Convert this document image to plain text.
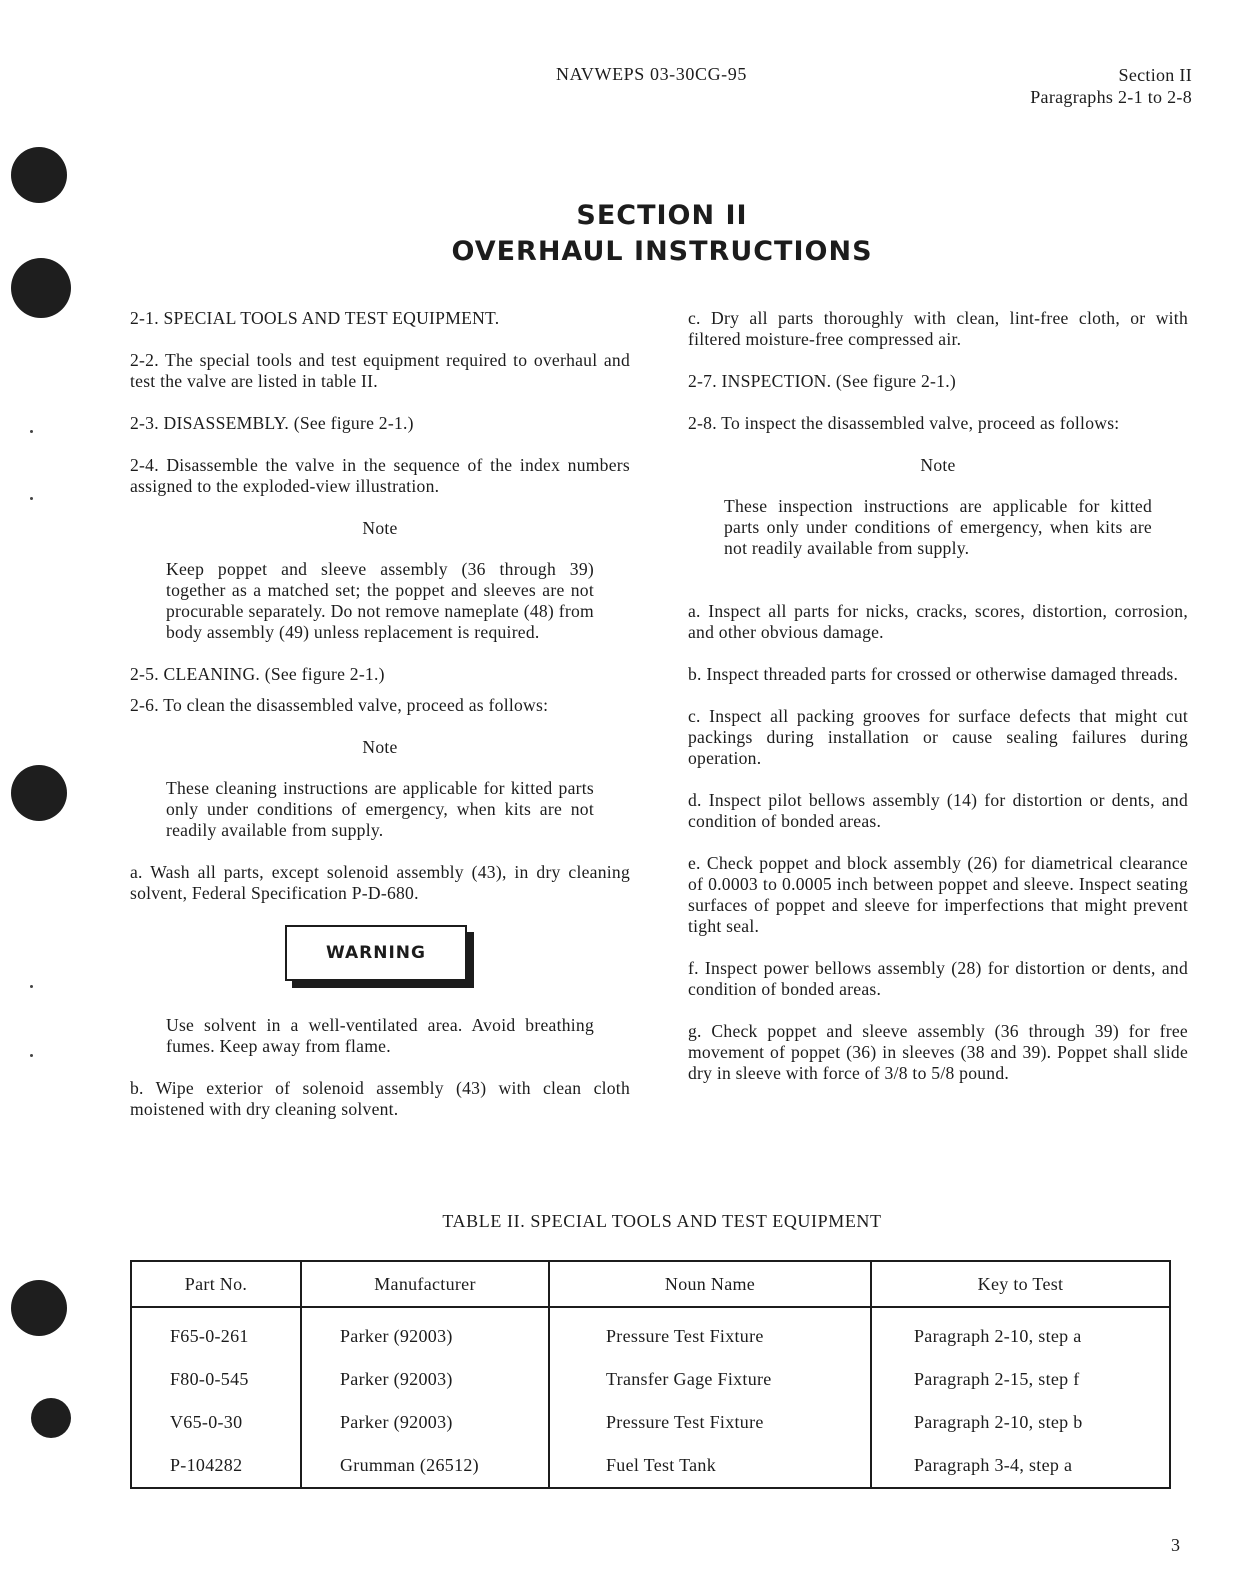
NAVWEPS 03-30CG-95	Section II
Paragraphs 2-1 to 2-8
SECTION II
OVERHAUL INSTRUCTIONS

2-1. SPECIAL TOOLS AND TEST EQUIPMENT.

2-2. The special tools and test equipment required to overhaul and test the valve are listed in table II.

2-3. DISASSEMBLY. (See figure 2-1.)

2-4. Disassemble the valve in the sequence of the index numbers assigned to the exploded-view illustration.

Note

Keep poppet and sleeve assembly (36 through 39) together as a matched set; the poppet and sleeves are not procurable separately. Do not remove nameplate (48) from body assembly (49) unless replacement is required.

2-5. CLEANING. (See figure 2-1.)

2-6. To clean the disassembled valve, proceed as follows:

Note

These cleaning instructions are applicable for kitted parts only under conditions of emergency, when kits are not readily available from supply.

a. Wash all parts, except solenoid assembly (43), in dry cleaning solvent, Federal Specification P-D-680.

WARNING

Use solvent in a well-ventilated area. Avoid breathing fumes. Keep away from flame.

b. Wipe exterior of solenoid assembly (43) with clean cloth moistened with dry cleaning solvent.

c. Dry all parts thoroughly with clean, lint-free cloth, or with filtered moisture-free compressed air.

2-7. INSPECTION. (See figure 2-1.)

2-8. To inspect the disassembled valve, proceed as follows:

Note

These inspection instructions are applicable for kitted parts only under conditions of emergency, when kits are not readily available from supply.

a. Inspect all parts for nicks, cracks, scores, distortion, corrosion, and other obvious damage.

b. Inspect threaded parts for crossed or otherwise damaged threads.

c. Inspect all packing grooves for surface defects that might cut packings during installation or cause sealing failures during operation.

d. Inspect pilot bellows assembly (14) for distortion or dents, and condition of bonded areas.

e. Check poppet and block assembly (26) for diametrical clearance of 0.0003 to 0.0005 inch between poppet and sleeve. Inspect seating surfaces of poppet and sleeve for imperfections that might prevent tight seal.

f. Inspect power bellows assembly (28) for distortion or dents, and condition of bonded areas.

g. Check poppet and sleeve assembly (36 through 39) for free movement of poppet (36) in sleeves (38 and 39). Poppet shall slide dry in sleeve with force of 3/8 to 5/8 pound.

TABLE II. SPECIAL TOOLS AND TEST EQUIPMENT
Part No.	Manufacturer	Noun Name	Key to Test
F65-0-261	Parker (92003)	Pressure Test Fixture	Paragraph 2-10, step a
F80-0-545	Parker (92003)	Transfer Gage Fixture	Paragraph 2-15, step f
V65-0-30	Parker (92003)	Pressure Test Fixture	Paragraph 2-10, step b
P-104282	Grumman (26512)	Fuel Test Tank	Paragraph 3-4, step a
3
